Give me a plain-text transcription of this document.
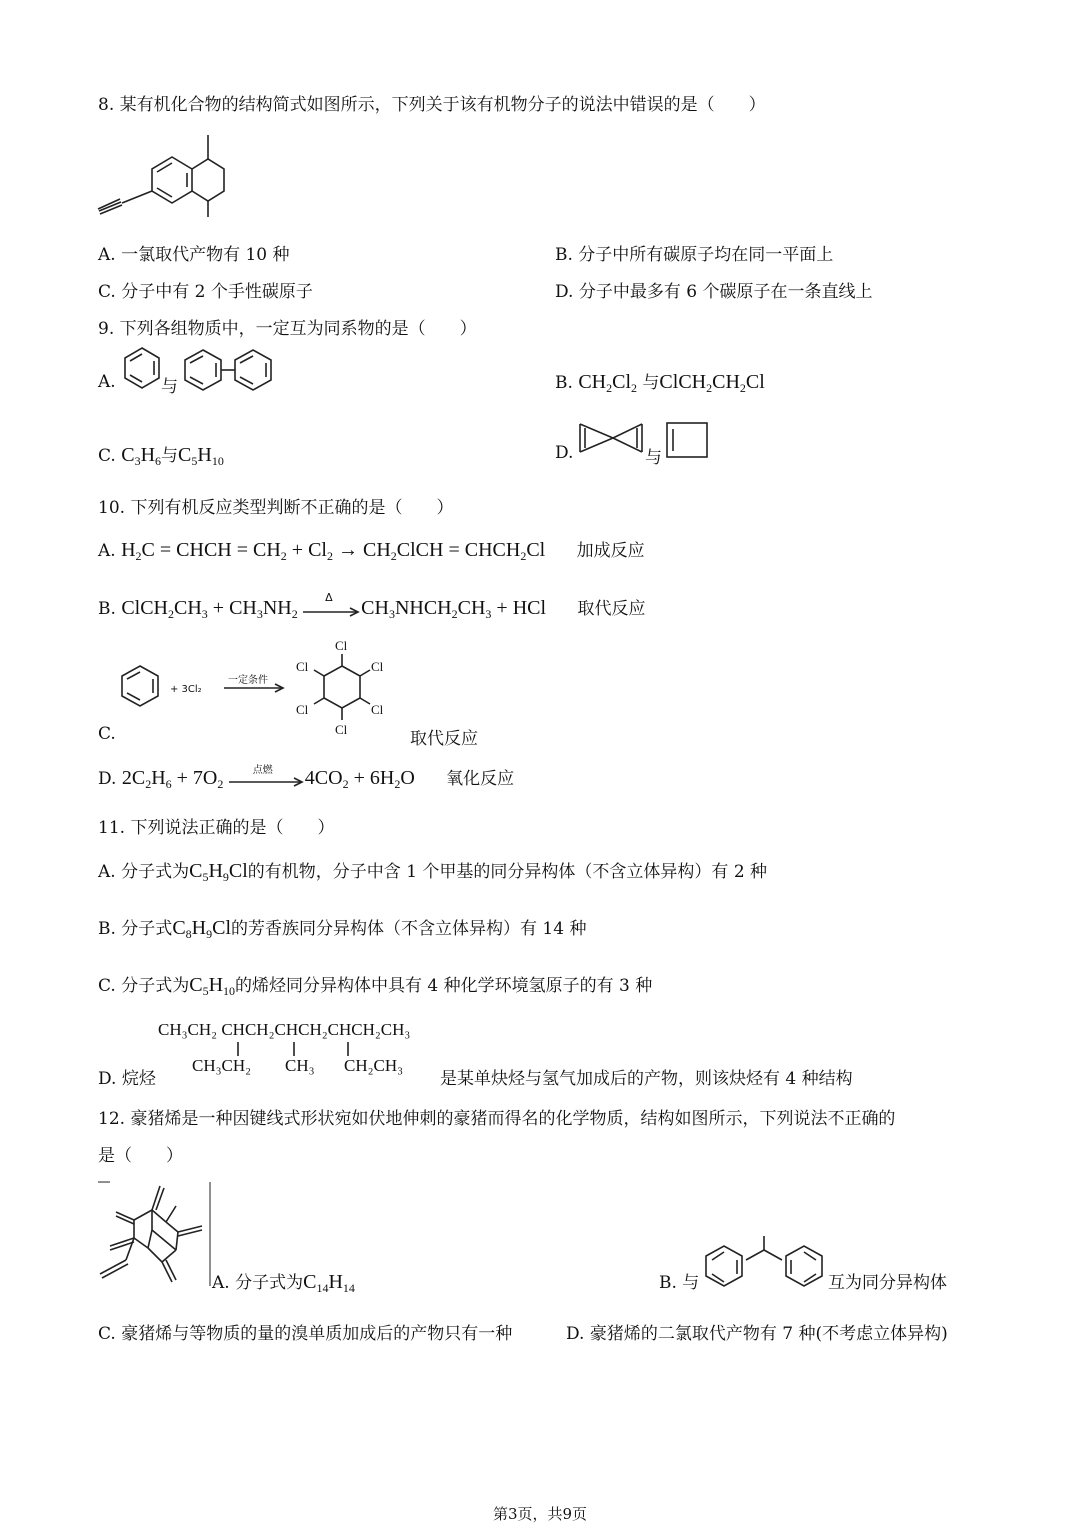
8. 某有机化合物的结构简式如图所示，下列关于该有机物分子的说法中错误的是（　　）
A. 一氯取代产物有 10 种	B. 分子中所有碳原子均在同一平面上
C. 分子中有 2 个手性碳原子	D. 分子中最多有 6 个碳原子在一条直线上
9. 下列各组物质中，一定互为同系物的是（　　）
A.	与	B. $CH_2Cl_2$ 与$ClCH_2CH_2Cl$
C. $C_3H_6$与$C_5H_{10}$	D.	与
10. 下列有机反应类型判断不正确的是（　　）
A. $H_2C$ = CHCH = $CH_2 + Cl_2$ → $CH_2ClCH$ = $CHCH_2Cl$ 加成反应
B. $ClCH_2CH_3 + CH_3NH_2$
Δ $CH_3NHCH_2CH_3$ + HCl 取代反应
+ 3Cl₂
一定条件
Cl
Cl
Cl
Cl
Cl
Cl
C.	取代反应
D. $2C_2H_6 + 7O_2$
点燃 $4CO_2 + 6H_2O$ 氧化反应
11. 下列说法正确的是（　　）
A. 分子式为$C_5H_9Cl$的有机物，分子中含 1 个甲基的同分异构体（不含立体异构）有 2 种
B. 分子式$C_8H_9Cl$的芳香族同分异构体（不含立体异构）有 14 种
C. 分子式为$C_5H_{10}$的烯烃同分异构体中具有 4 种化学环境氢原子的有 3 种
D. 烷烃
CH₃CH₂ CHCH₂CHCH₂CHCH₂CH₃
CH₃CH₂ CH₃ CH₂CH₃
是某单炔烃与氢气加成后的产物，则该炔烃有 4 种结构
12. 豪猪烯是一种因键线式形状宛如伏地伸刺的豪猪而得名的化学物质，结构如图所示，下列说法不正确的
是（　　）
A. 分子式为$C_{14}H_{14}$	B. 与	互为同分异构体
C. 豪猪烯与等物质的量的溴单质加成后的产物只有一种	D. 豪猪烯的二氯取代产物有 7 种(不考虑立体异构)
第3页，共9页
